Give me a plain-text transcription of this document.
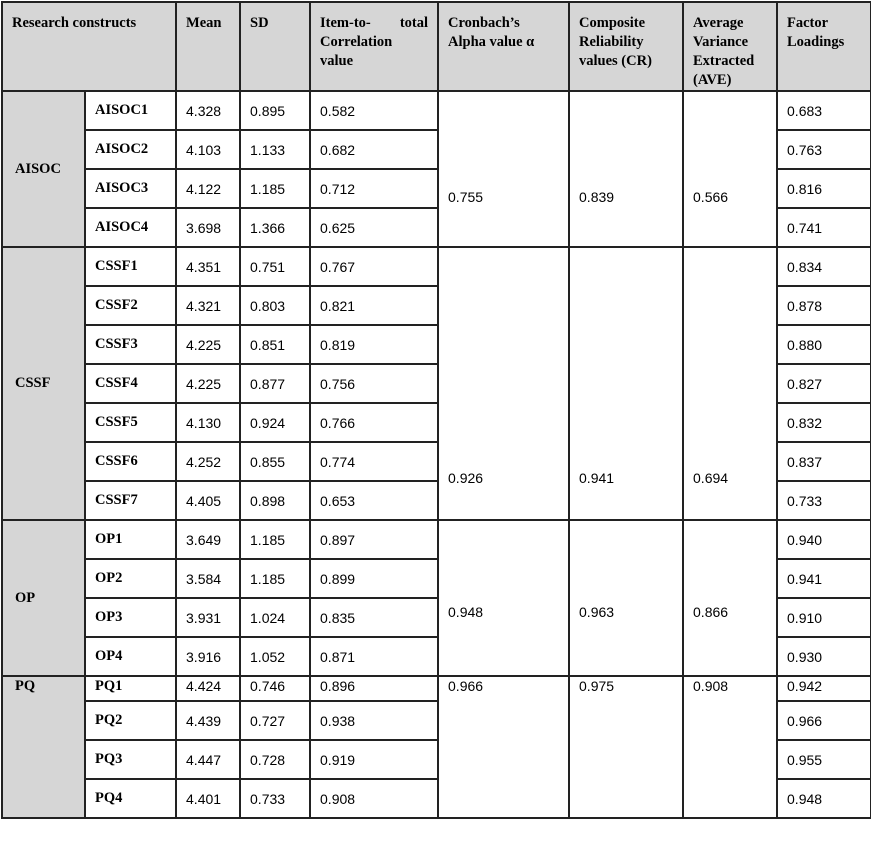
Research constructs		Mean	SD	Item-to- total Correlation value	Cronbach’s Alpha value α	Composite Reliability values (CR)	Average Variance Extracted (AVE)	Factor Loadings
AISOC	AISOC1	4.328	0.895	0.582	0.755	0.839	0.566	0.683
	AISOC2	4.103	1.133	0.682				0.763
	AISOC3	4.122	1.185	0.712				0.816
	AISOC4	3.698	1.366	0.625				0.741
CSSF	CSSF1	4.351	0.751	0.767	0.926	0.941	0.694	0.834
	CSSF2	4.321	0.803	0.821				0.878
	CSSF3	4.225	0.851	0.819				0.880
	CSSF4	4.225	0.877	0.756				0.827
	CSSF5	4.130	0.924	0.766				0.832
	CSSF6	4.252	0.855	0.774				0.837
	CSSF7	4.405	0.898	0.653				0.733
OP	OP1	3.649	1.185	0.897	0.948	0.963	0.866	0.940
	OP2	3.584	1.185	0.899				0.941
	OP3	3.931	1.024	0.835				0.910
	OP4	3.916	1.052	0.871				0.930
PQ	PQ1	4.424	0.746	0.896	0.966	0.975	0.908	0.942
	PQ2	4.439	0.727	0.938				0.966
	PQ3	4.447	0.728	0.919				0.955
	PQ4	4.401	0.733	0.908				0.948
